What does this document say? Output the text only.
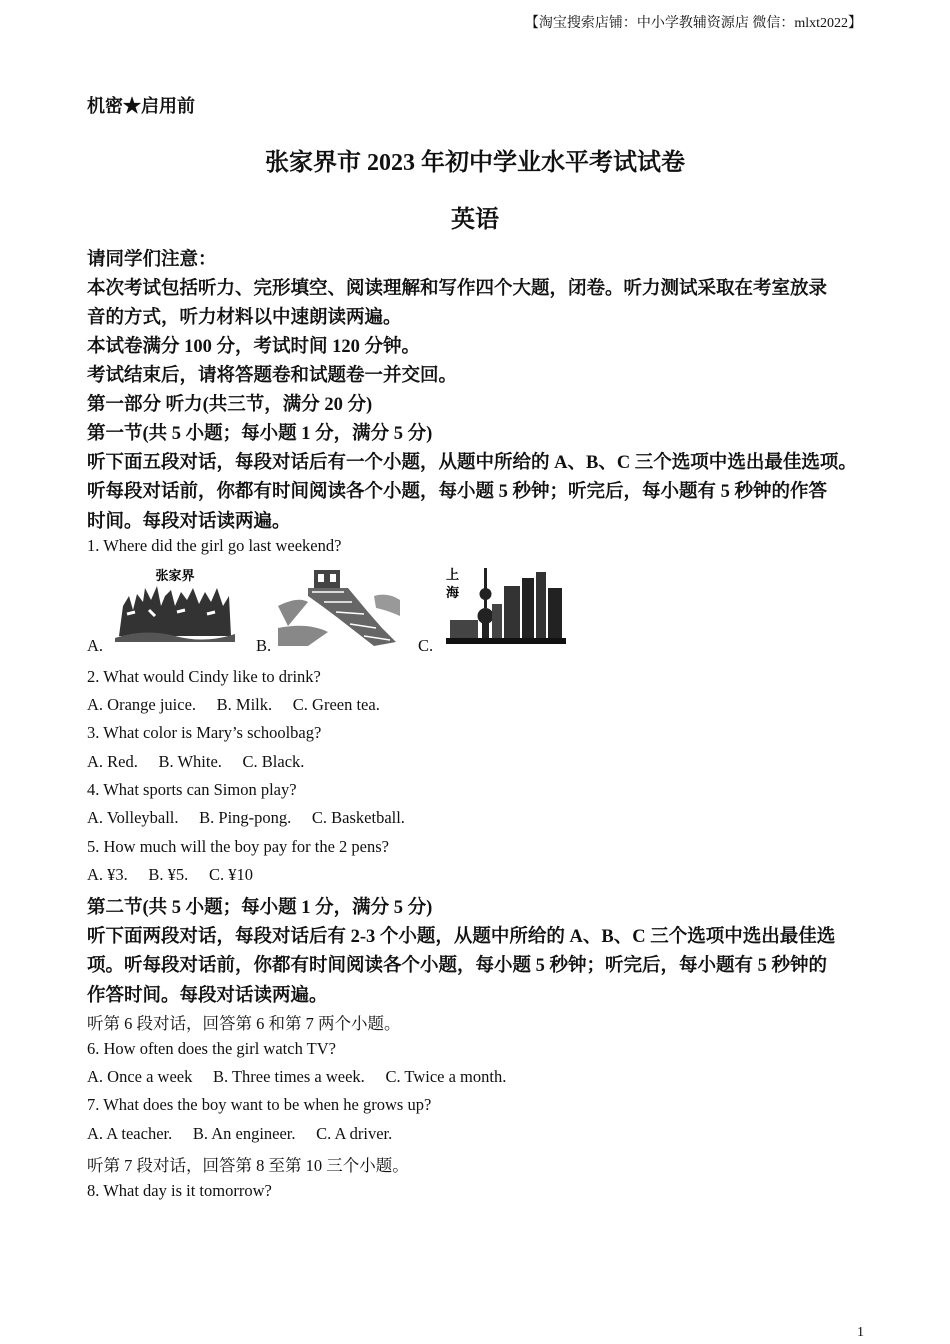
【淘宝搜索店铺：中小学教辅资源店 微信：mlxt2022】
机密★启用前
张家界市 2023 年初中学业水平考试试卷
英语
请同学们注意：
本次考试包括听力、完形填空、阅读理解和写作四个大题，闭卷。听力测试采取在考室放录
音的方式，听力材料以中速朗读两遍。
本试卷满分 100 分，考试时间 120 分钟。
考试结束后，请将答题卷和试题卷一并交回。
第一部分 听力(共三节，满分 20 分)
第一节(共 5 小题；每小题 1 分，满分 5 分)
听下面五段对话，每段对话后有一个小题，从题中所给的 A、B、C 三个选项中选出最佳选项。
听每段对话前，你都有时间阅读各个小题，每小题 5 秒钟；听完后，每小题有 5 秒钟的作答
时间。每段对话读两遍。
1. Where did the girl go last weekend?
A.
张家界
B.	C.
上
海
2. What would Cindy like to drink?
A. Orange juice. B. Milk. C. Green tea.
3. What color is Mary’s schoolbag?
A. Red. B. White. C. Black.
4. What sports can Simon play?
A. Volleyball. B. Ping-pong. C. Basketball.
5. How much will the boy pay for the 2 pens?
A. ¥3. B. ¥5. C. ¥10
第二节(共 5 小题；每小题 1 分，满分 5 分)
听下面两段对话，每段对话后有 2-3 个小题，从题中所给的 A、B、C 三个选项中选出最佳选
项。听每段对话前，你都有时间阅读各个小题，每小题 5 秒钟；听完后，每小题有 5 秒钟的
作答时间。每段对话读两遍。
听第 6 段对话，回答第 6 和第 7 两个小题。
6. How often does the girl watch TV?
A. Once a week B. Three times a week. C. Twice a month.
7. What does the boy want to be when he grows up?
A. A teacher. B. An engineer. C. A driver.
听第 7 段对话，回答第 8 至第 10 三个小题。
8. What day is it tomorrow?
1
